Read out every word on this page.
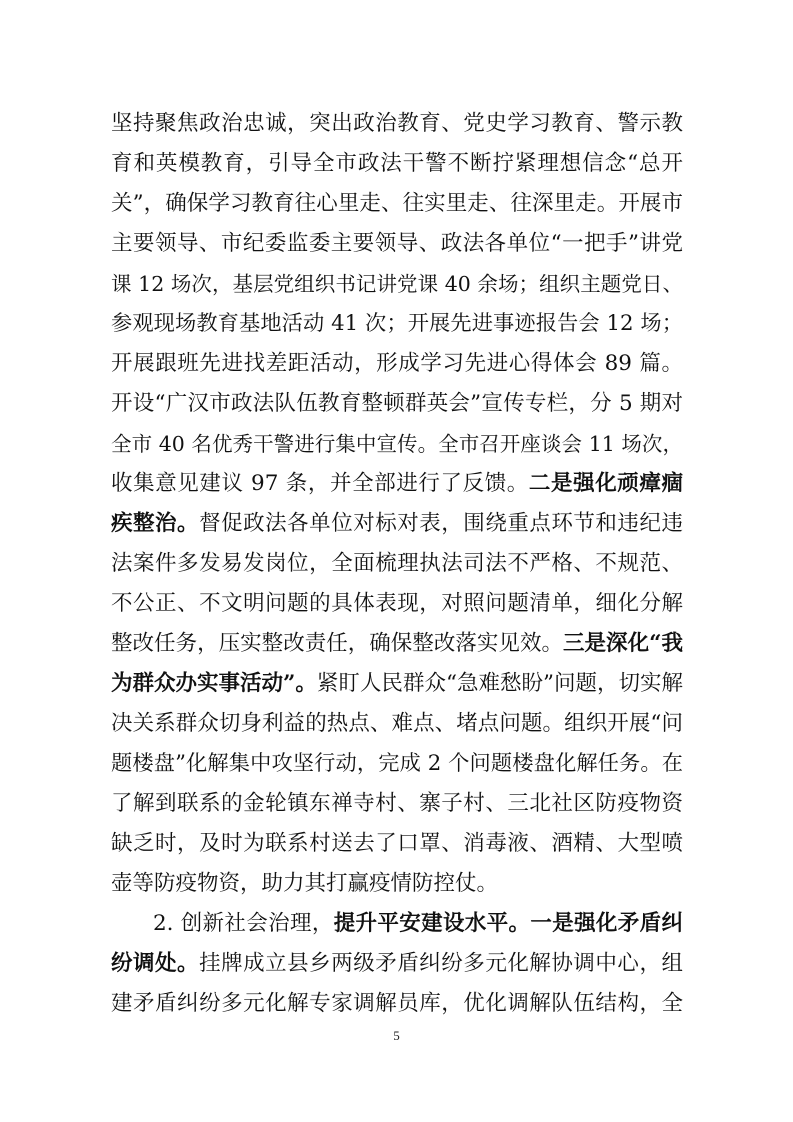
坚持聚焦政治忠诚，突出政治教育、党史学习教育、警示教
育和英模教育，引导全市政法干警不断拧紧理想信念“总开
关”，确保学习教育往心里走、往实里走、往深里走。开展市
主要领导、市纪委监委主要领导、政法各单位“一把手”讲党
课 12 场次，基层党组织书记讲党课 40 余场；组织主题党日、
参观现场教育基地活动 41 次；开展先进事迹报告会 12 场；
开展跟班先进找差距活动，形成学习先进心得体会 89 篇。
开设“广汉市政法队伍教育整顿群英会”宣传专栏，分 5 期对
全市 40 名优秀干警进行集中宣传。全市召开座谈会 11 场次，
收集意见建议 97 条，并全部进行了反馈。二是强化顽瘴痼
疾整治。督促政法各单位对标对表，围绕重点环节和违纪违
法案件多发易发岗位，全面梳理执法司法不严格、不规范、
不公正、不文明问题的具体表现，对照问题清单，细化分解
整改任务，压实整改责任，确保整改落实见效。三是深化“我
为群众办实事活动”。紧盯人民群众“急难愁盼”问题，切实解
决关系群众切身利益的热点、难点、堵点问题。组织开展“问
题楼盘”化解集中攻坚行动，完成 2 个问题楼盘化解任务。在
了解到联系的金轮镇东禅寺村、寨子村、三北社区防疫物资
缺乏时，及时为联系村送去了口罩、消毒液、酒精、大型喷
壶等防疫物资，助力其打赢疫情防控仗。
2. 创新社会治理，提升平安建设水平。一是强化矛盾纠
纷调处。挂牌成立县乡两级矛盾纠纷多元化解协调中心，组
建矛盾纠纷多元化解专家调解员库，优化调解队伍结构，全
5
